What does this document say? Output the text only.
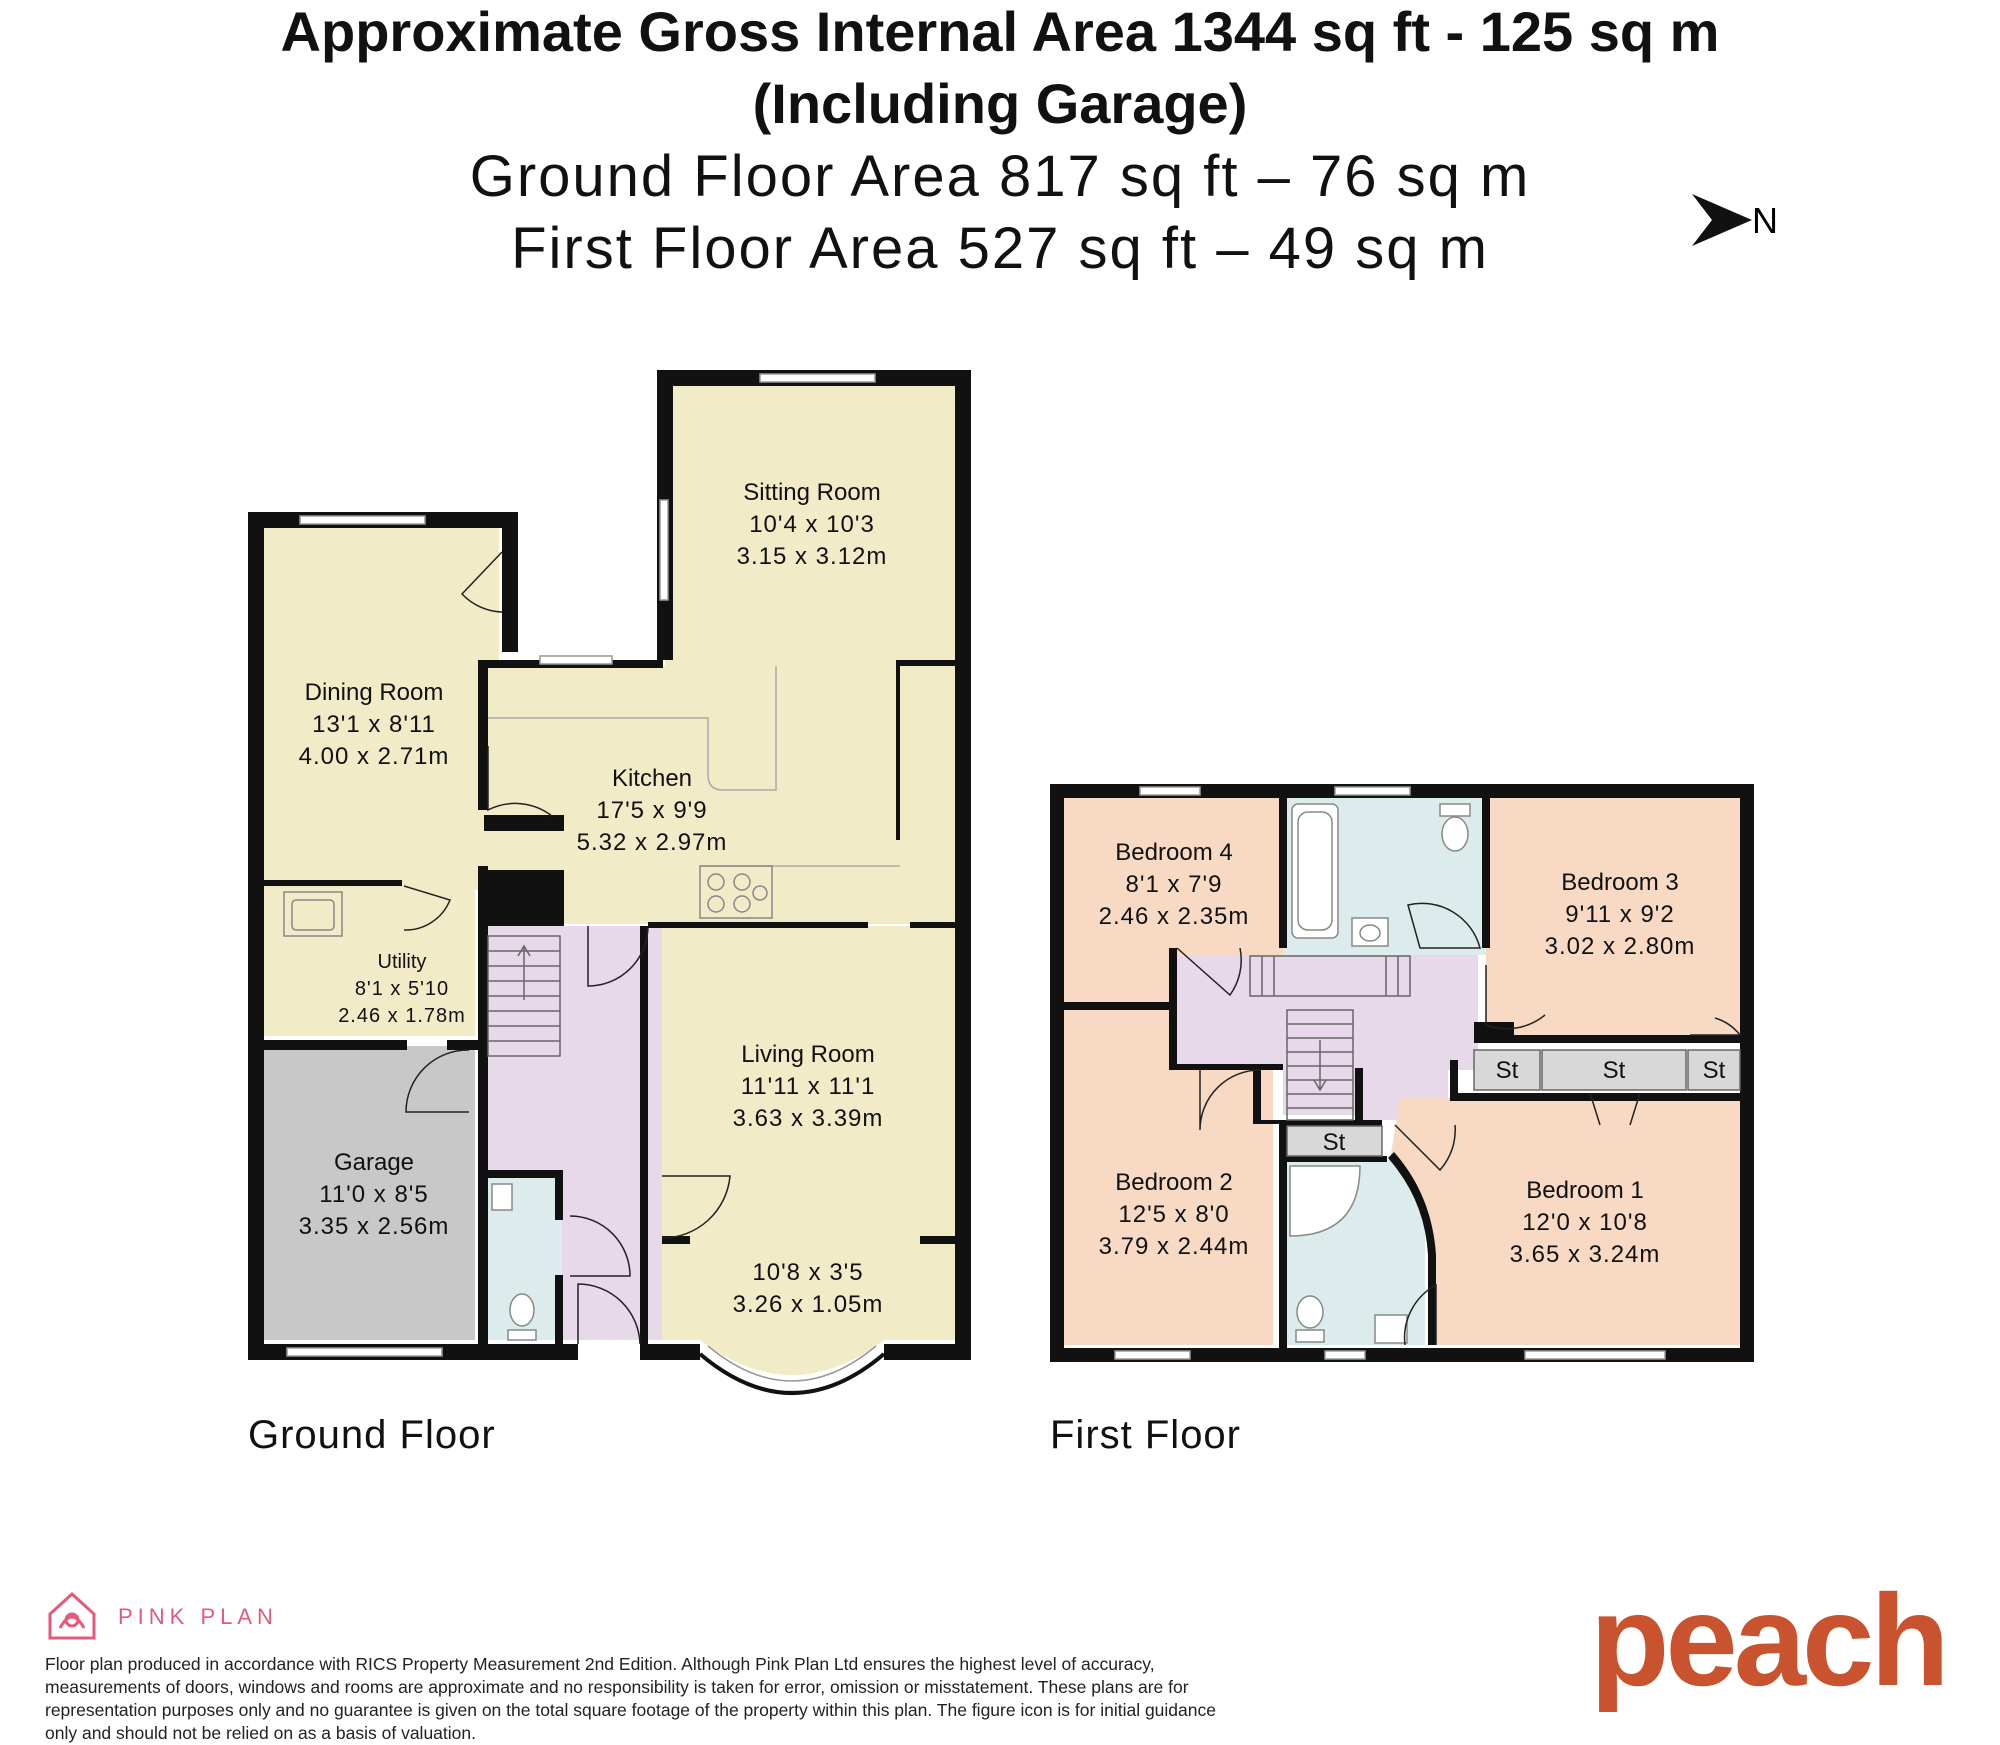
Approximate Gross Internal Area 1344 sq ft - 125 sq m
(Including Garage)
Ground Floor Area 817 sq ft – 76 sq m
First Floor Area 527 sq ft – 49 sq m	N
Sitting Room
10'4 x 10'3
3.15 x 3.12m
Dining Room
13'1 x 8'11
4.00 x 2.71m
Kitchen
17'5 x 9'9
5.32 x 2.97m
Utility
8'1 x 5'10
2.46 x 1.78m
Living Room
11'11 x 11'1
3.63 x 3.39m
10'8 x 3'5
3.26 x 1.05m
Garage
11'0 x 8'5
3.35 x 2.56m
Ground Floor
St	St	St
St
Bedroom 4
8'1 x 7'9
2.46 x 2.35m
Bedroom 3
9'11 x 9'2
3.02 x 2.80m
Bedroom 2
12'5 x 8'0
3.79 x 2.44m
Bedroom 1
12'0 x 10'8
3.65 x 3.24m
First Floor
PINK PLAN
Floor plan produced in accordance with RICS Property Measurement 2nd Edition. Although Pink Plan Ltd ensures the highest level of accuracy, measurements of doors, windows and rooms are approximate and no responsibility is taken for error, omission or misstatement. These plans are for representation purposes only and no guarantee is given on the total square footage of the property within this plan. The figure icon is for initial guidance only and should not be relied on as a basis of valuation.
peach
